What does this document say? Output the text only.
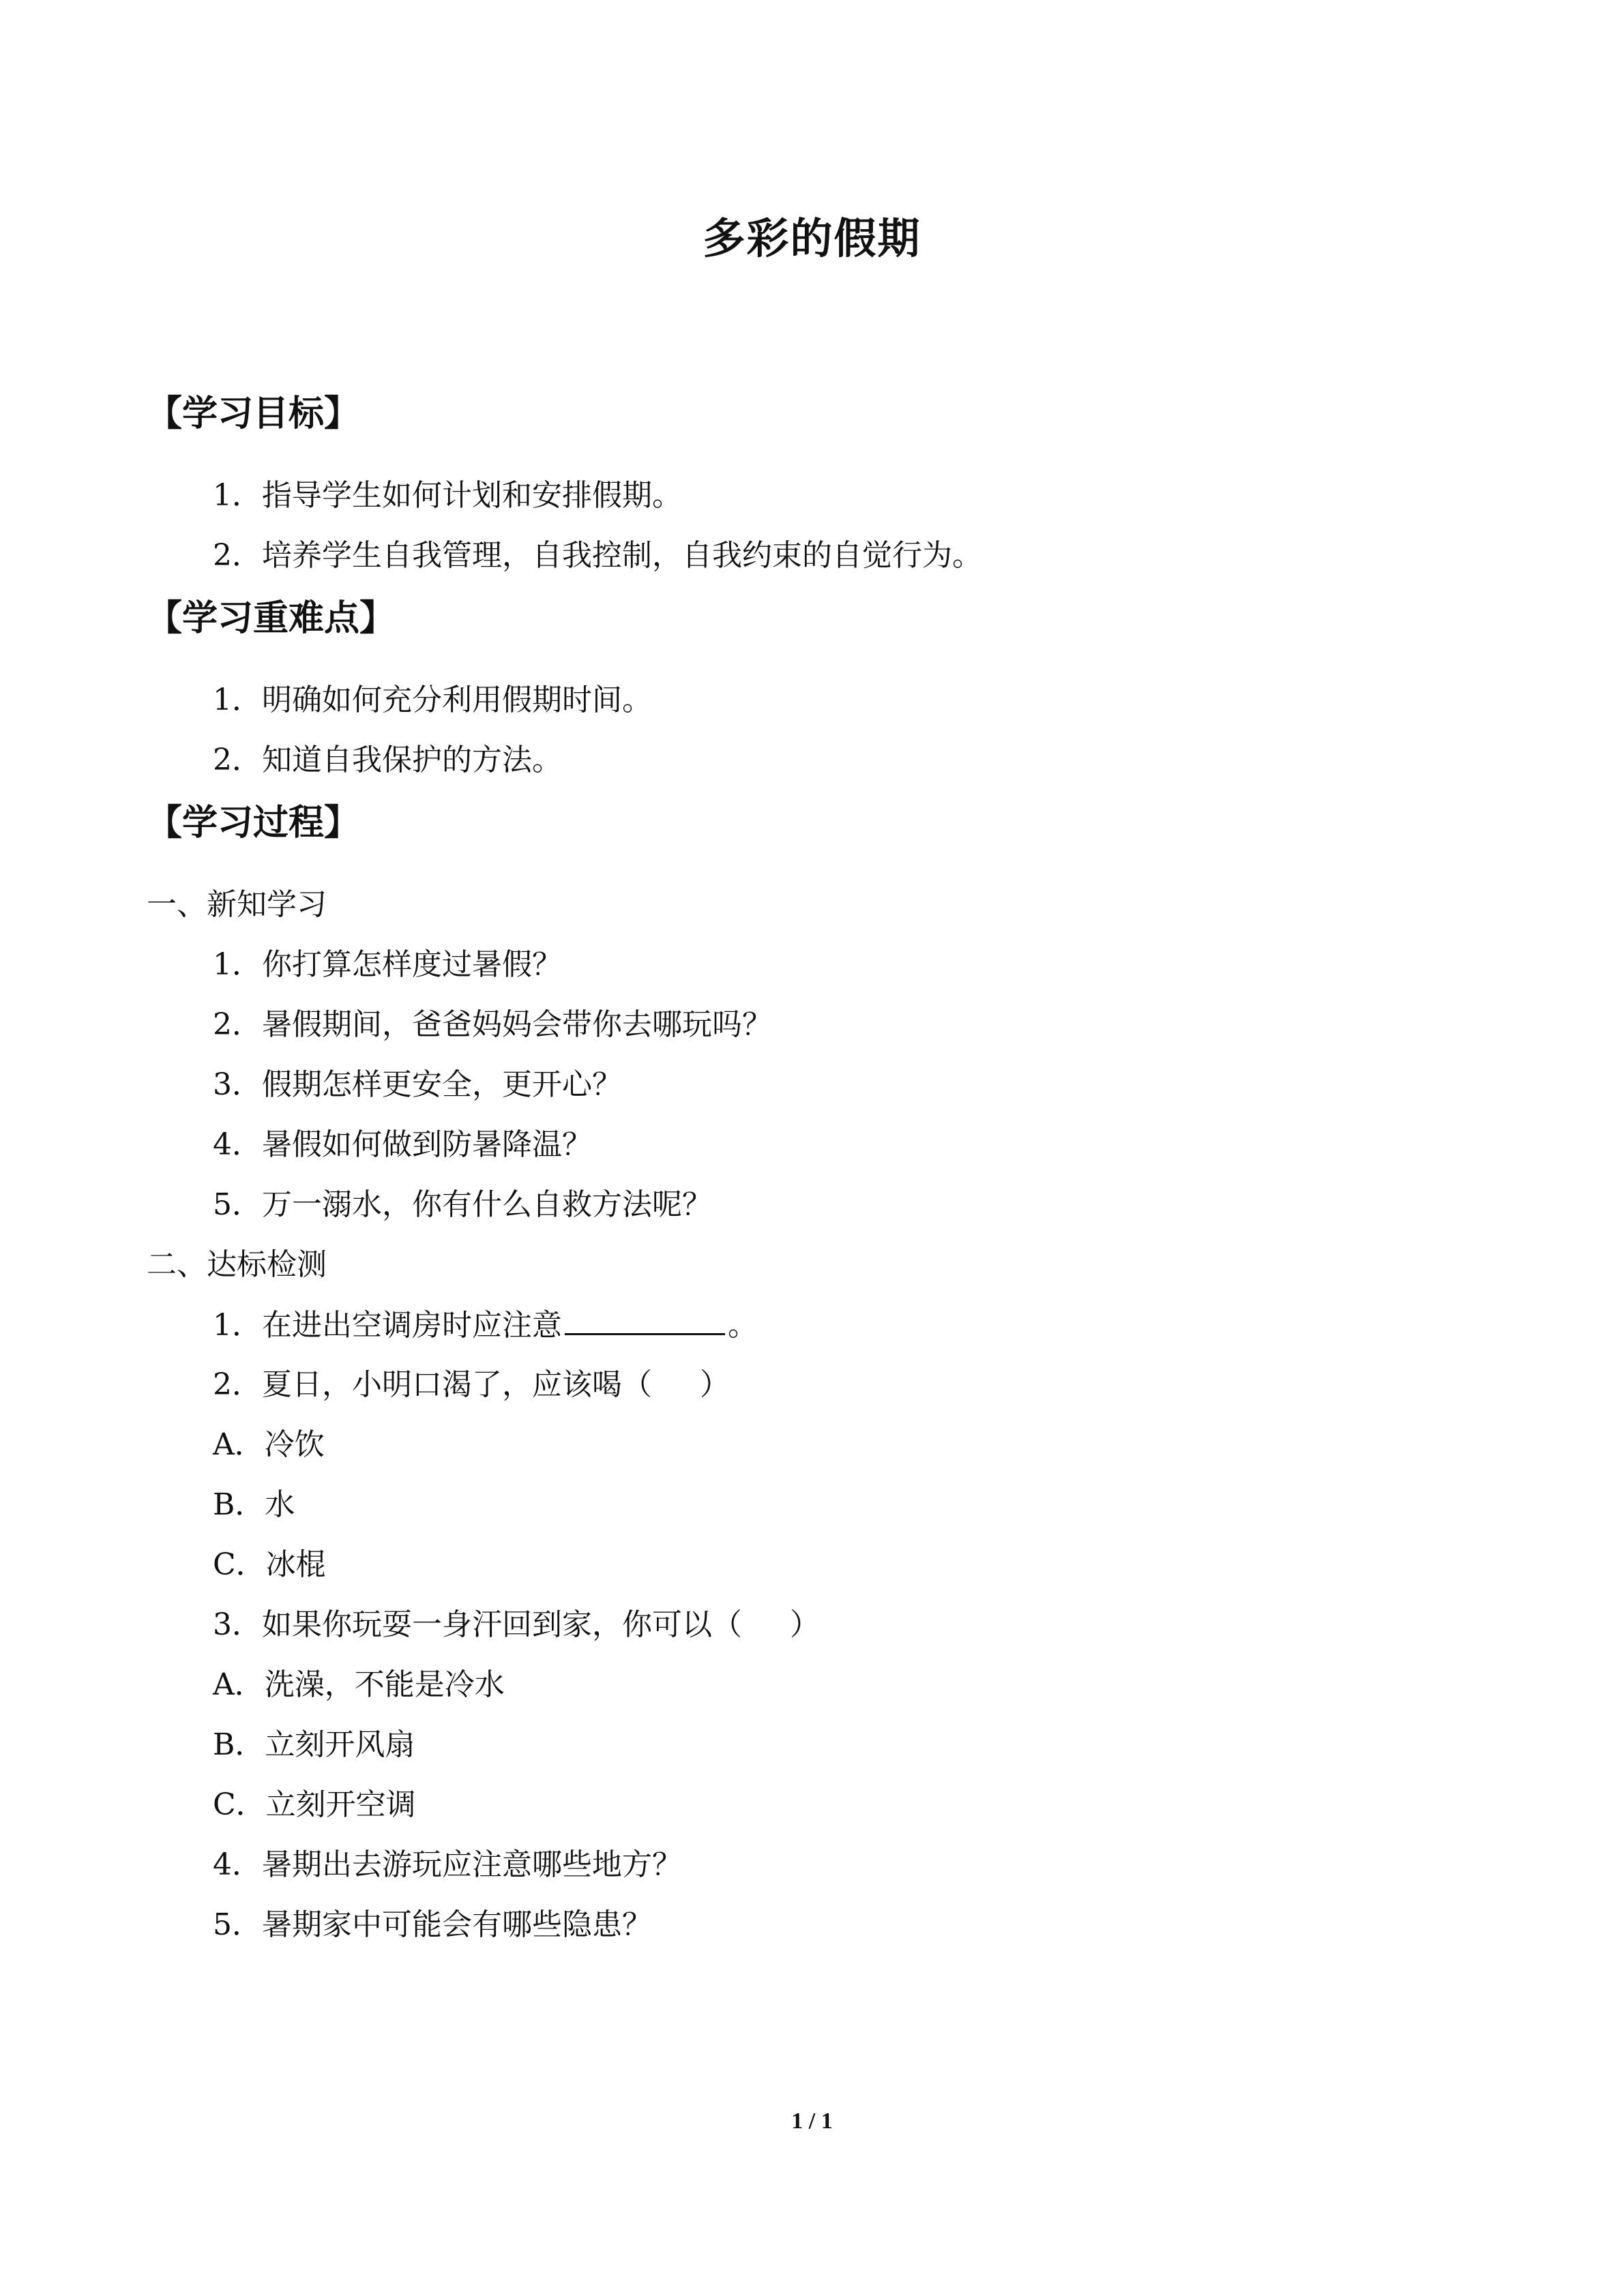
多彩的假期
【学习目标】
1．指导学生如何计划和安排假期。
2．培养学生自我管理，自我控制，自我约束的自觉行为。
【学习重难点】
1．明确如何充分利用假期时间。
2．知道自我保护的方法。
【学习过程】
一、新知学习
1．你打算怎样度过暑假？
2．暑假期间，爸爸妈妈会带你去哪玩吗？
3．假期怎样更安全，更开心？
4．暑假如何做到防暑降温？
5．万一溺水，你有什么自救方法呢？
二、达标检测
1．在进出空调房时应注意	。
2．夏日，小明口渴了，应该喝（ ）
A．冷饮
B．水
C．冰棍
3．如果你玩耍一身汗回到家，你可以（ ）
A．洗澡，不能是冷水
B．立刻开风扇
C．立刻开空调
4．暑期出去游玩应注意哪些地方？
5．暑期家中可能会有哪些隐患？
1 / 1
